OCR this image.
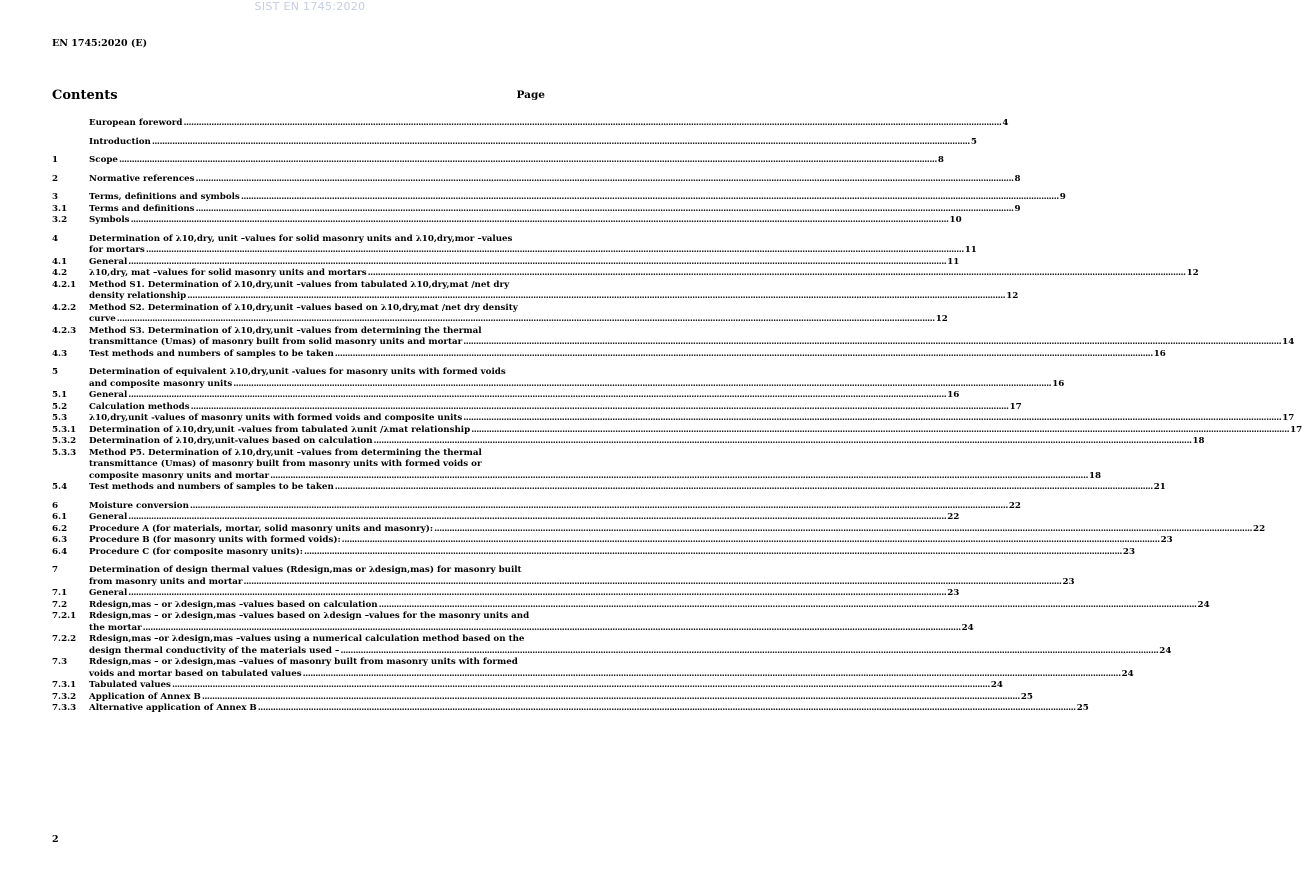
SIST EN 1745:2020
EN 1745:2020 (E)
Contents	Page
European foreword .....	4
Introduction .....	5
1	Scope .....	8
2	Normative references .....	8
3	Terms, definitions and symbols .....	9
3.1	Terms and definitions .....	9
3.2	Symbols .....	10
4	Determination of λ10,dry, unit –values for solid masonry units and λ10,dry,mor –values
for mortars .....	11
4.1	General .....	11
4.2	λ10,dry, mat –values for solid masonry units and mortars .....	12
4.2.1	Method S1. Determination of λ10,dry,unit –values from tabulated λ10,dry,mat /net dry
density relationship .....	12
4.2.2	Method S2. Determination of λ10,dry,unit –values based on λ10,dry,mat /net dry density
curve .....	12
4.2.3	Method S3. Determination of λ10,dry,unit –values from determining the thermal
transmittance (Umas) of masonry built from solid masonry units and mortar .....	14
4.3	Test methods and numbers of samples to be taken .....	16
5	Determination of equivalent λ10,dry,unit -values for masonry units with formed voids
and composite masonry units .....	16
5.1	General .....	16
5.2	Calculation methods .....	17
5.3	λ10,dry,unit -values of masonry units with formed voids and composite units .....	17
5.3.1	Determination of λ10,dry,unit -values from tabulated λunit /λmat relationship .....	17
5.3.2	Determination of λ10,dry,unit-values based on calculation .....	18
5.3.3	Method P5. Determination of λ10,dry,unit –values from determining the thermal
transmittance (Umas) of masonry built from masonry units with formed voids or
composite masonry units and mortar .....	18
5.4	Test methods and numbers of samples to be taken .....	21
6	Moisture conversion .....	22
6.1	General .....	22
6.2	Procedure A (for materials, mortar, solid masonry units and masonry): .....	22
6.3	Procedure B (for masonry units with formed voids): .....	23
6.4	Procedure C (for composite masonry units): .....	23
7	Determination of design thermal values (Rdesign,mas or λdesign,mas) for masonry built
from masonry units and mortar .....	23
7.1	General .....	23
7.2	Rdesign,mas – or λdesign,mas –values based on calculation .....	24
7.2.1	Rdesign,mas – or λdesign,mas –values based on λdesign –values for the masonry units and
the mortar .....	24
7.2.2	Rdesign,mas –or λdesign,mas –values using a numerical calculation method based on the
design thermal conductivity of the materials used – .....	24
7.3	Rdesign,mas – or λdesign,mas –values of masonry built from masonry units with formed
voids and mortar based on tabulated values .....	24
7.3.1	Tabulated values .....	24
7.3.2	Application of Annex B .....	25
7.3.3	Alternative application of Annex B .....	25
2
